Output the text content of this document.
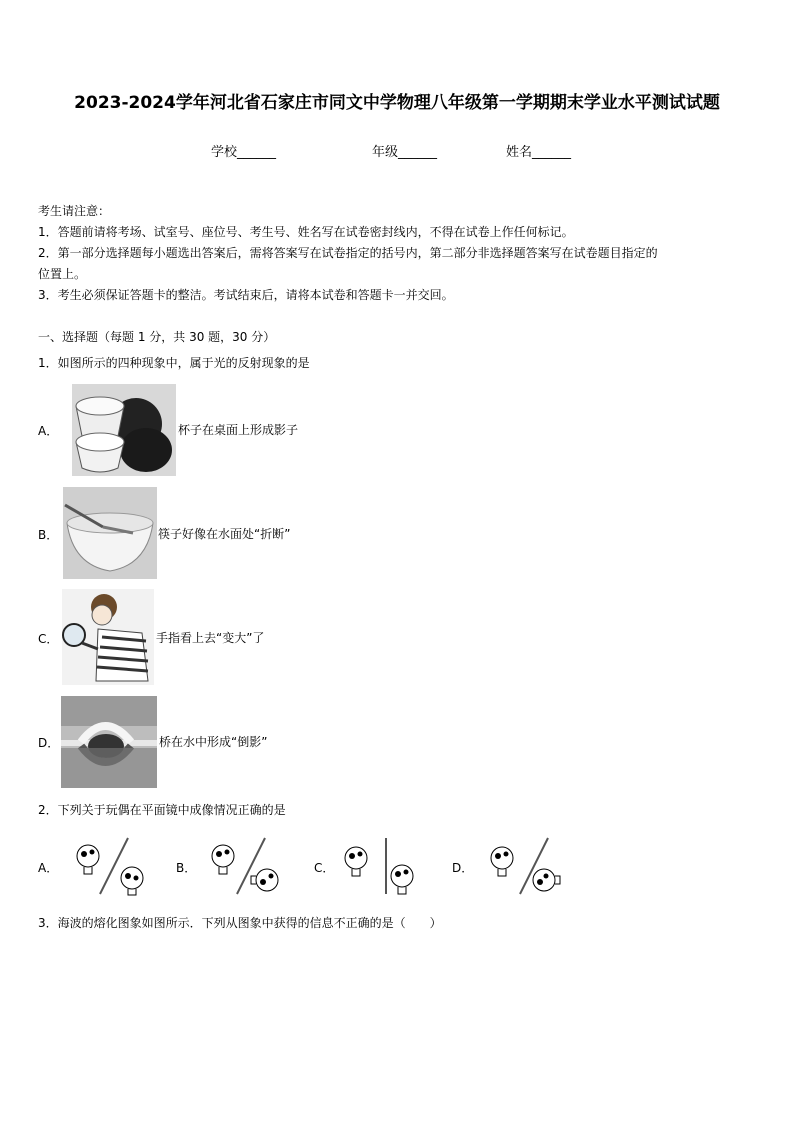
2023-2024学年河北省石家庄市同文中学物理八年级第一学期期末学业水平测试试题
学校______	年级______	姓名______
考生请注意：
1．答题前请将考场、试室号、座位号、考生号、姓名写在试卷密封线内，不得在试卷上作任何标记。
2．第一部分选择题每小题选出答案后，需将答案写在试卷指定的括号内，第二部分非选择题答案写在试卷题目指定的
位置上。
3．考生必须保证答题卡的整洁。考试结束后，请将本试卷和答题卡一并交回。
一、选择题（每题 1 分，共 30 题，30 分）
1．如图所示的四种现象中，属于光的反射现象的是
A．	杯子在桌面上形成影子
B．	筷子好像在水面处“折断”
C．	手指看上去“变大”了
D．	桥在水中形成“倒影”
2．下列关于玩偶在平面镜中成像情况正确的是
A．	B．	C．	D．
3．海波的熔化图象如图所示．下列从图象中获得的信息不正确的是（　　）
